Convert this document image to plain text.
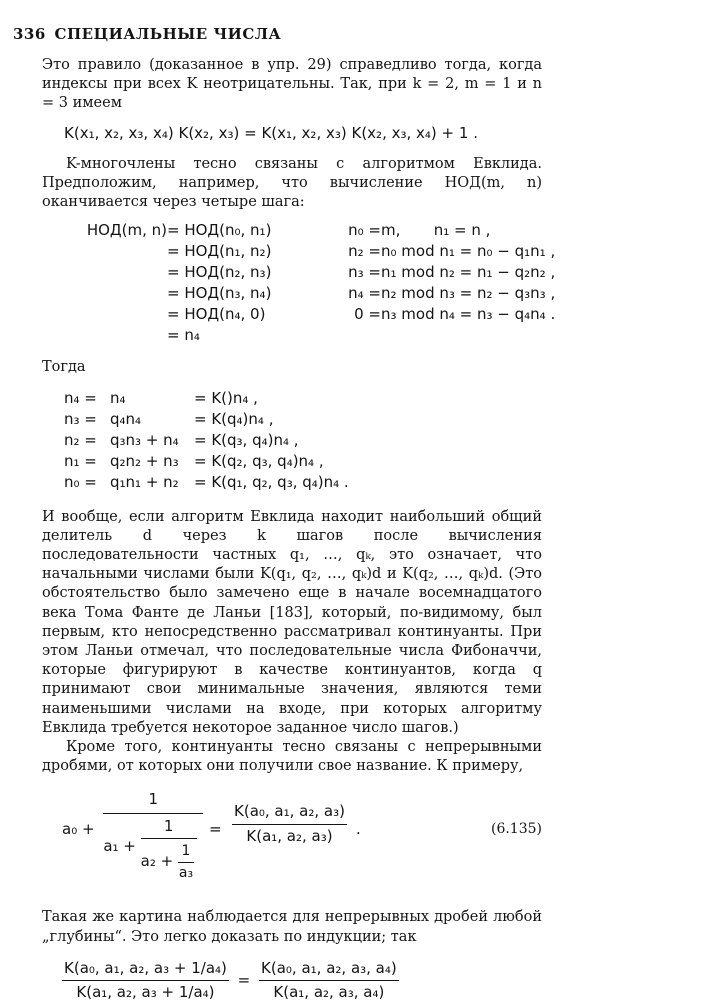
336 СПЕЦИАЛЬНЫЕ ЧИСЛА
Это правило (доказанное в упр. 29) справедливо тогда, когда индексы при всех K неотрицательны. Так, при k = 2, m = 1 и n = 3 имеем
K(x₁, x₂, x₃, x₄) K(x₂, x₃) = K(x₁, x₂, x₃) K(x₂, x₃, x₄) + 1 .
K-многочлены тесно связаны с алгоритмом Евклида. Предположим, например, что вычисление НОД(m, n) оканчивается через четыре шага:
НОД(m, n) = НОД(n₀, n₁)	n₀ = m,       n₁ = n ,
= НОД(n₁, n₂)	n₂ = n₀ mod n₁ = n₀ − q₁n₁ ,
= НОД(n₂, n₃)	n₃ = n₁ mod n₂ = n₁ − q₂n₂ ,
= НОД(n₃, n₄)	n₄ = n₂ mod n₃ = n₂ − q₃n₃ ,
= НОД(n₄, 0)	0 = n₃ mod n₄ = n₃ − q₄n₄ .
= n₄
Тогда
n₄ = n₄	= K()n₄ ,
n₃ = q₄n₄	= K(q₄)n₄ ,
n₂ = q₃n₃ + n₄ = K(q₃, q₄)n₄ ,
n₁ = q₂n₂ + n₃ = K(q₂, q₃, q₄)n₄ ,
n₀ = q₁n₁ + n₂ = K(q₁, q₂, q₃, q₄)n₄ .
И вообще, если алгоритм Евклида находит наибольший общий делитель d через k шагов после вычисления последовательности частных q₁, …, qₖ, это означает, что начальными числами были K(q₁, q₂, …, qₖ)d и K(q₂, …, qₖ)d. (Это обстоятельство было замечено еще в начале восемнадцатого века Тома Фанте де Ланьи [183], который, по-видимому, был первым, кто непосредственно рассматривал континуанты. При этом Ланьи отмечал, что последовательные числа Фибоначчи, которые фигурируют в качестве континуантов, когда q принимают свои минимальные значения, являются теми наименьшими числами на входе, при которых алгоритму Евклида требуется некоторое заданное число шагов.)
Кроме того, континуанты тесно связаны с непрерывными дробями, от которых они получили свое название. К примеру,
a₀ +
1
$a_1 + \frac{1}{a_2 + \frac{1}{\text{a₃}}} = \frac{\text{K(a₀, a₁, a₂, a₃)}}{\text{K(a₁, a₂, a₃)}}$ .	(6.135)
Такая же картина наблюдается для непрерывных дробей любой „глубины“. Это легко доказать по индукции; так
$\frac{\text{K(a₀, a₁, a₂, a₃ + 1/a₄)}}{\text{K(a₁, a₂, a₃ + 1/a₄)}} = \frac{\text{K(a₀, a₁, a₂, a₃, a₄)}}{\text{K(a₁, a₂, a₃, a₄)}}$
